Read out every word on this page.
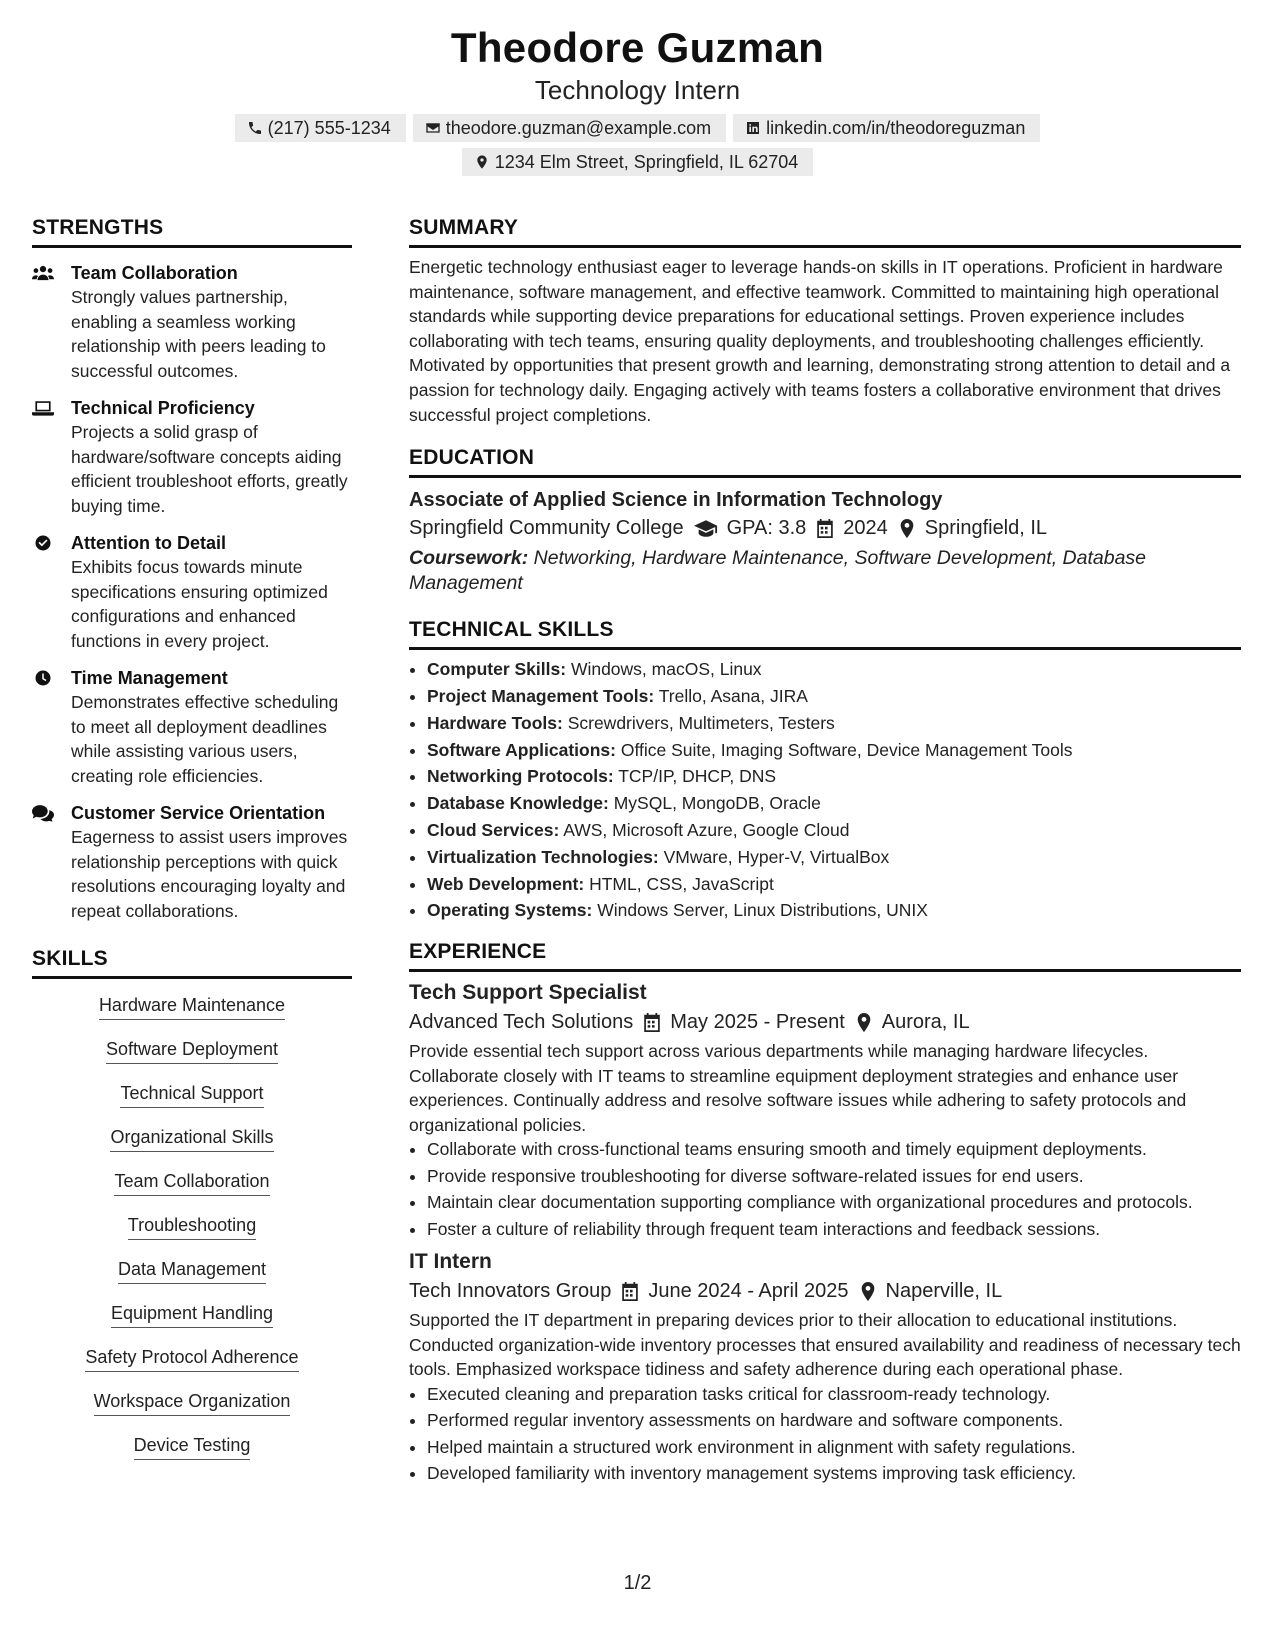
Theodore Guzman
Technology Intern
(217) 555-1234	theodore.guzman@example.com	linkedin.com/in/theodoreguzman
1234 Elm Street, Springfield, IL 62704
STRENGTHS
Team Collaboration
Strongly values partnership, enabling a seamless working relationship with peers leading to successful outcomes.
Technical Proficiency
Projects a solid grasp of hardware/software concepts aiding efficient troubleshoot efforts, greatly buying time.
Attention to Detail
Exhibits focus towards minute specifications ensuring optimized configurations and enhanced functions in every project.
Time Management
Demonstrates effective scheduling to meet all deployment deadlines while assisting various users, creating role efficiencies.
Customer Service Orientation
Eagerness to assist users improves relationship perceptions with quick resolutions encouraging loyalty and repeat collaborations.
SKILLS
Hardware Maintenance
Software Deployment
Technical Support
Organizational Skills
Team Collaboration
Troubleshooting
Data Management
Equipment Handling
Safety Protocol Adherence
Workspace Organization
Device Testing
SUMMARY
Energetic technology enthusiast eager to leverage hands-on skills in IT operations. Proficient in hardware maintenance, software management, and effective teamwork. Committed to maintaining high operational standards while supporting device preparations for educational settings. Proven experience includes collaborating with tech teams, ensuring quality deployments, and troubleshooting challenges efficiently. Motivated by opportunities that present growth and learning, demonstrating strong attention to detail and a passion for technology daily. Engaging actively with teams fosters a collaborative environment that drives successful project completions.
EDUCATION
Associate of Applied Science in Information Technology
Springfield Community College GPA: 3.8 2024 Springfield, IL
Coursework: Networking, Hardware Maintenance, Software Development, Database Management
TECHNICAL SKILLS
• Computer Skills: Windows, macOS, Linux
• Project Management Tools: Trello, Asana, JIRA
• Hardware Tools: Screwdrivers, Multimeters, Testers
• Software Applications: Office Suite, Imaging Software, Device Management Tools
• Networking Protocols: TCP/IP, DHCP, DNS
• Database Knowledge: MySQL, MongoDB, Oracle
• Cloud Services: AWS, Microsoft Azure, Google Cloud
• Virtualization Technologies: VMware, Hyper-V, VirtualBox
• Web Development: HTML, CSS, JavaScript
• Operating Systems: Windows Server, Linux Distributions, UNIX
EXPERIENCE
Tech Support Specialist
Advanced Tech Solutions May 2025 - Present Aurora, IL
Provide essential tech support across various departments while managing hardware lifecycles. Collaborate closely with IT teams to streamline equipment deployment strategies and enhance user experiences. Continually address and resolve software issues while adhering to safety protocols and organizational policies.
• Collaborate with cross-functional teams ensuring smooth and timely equipment deployments.
• Provide responsive troubleshooting for diverse software-related issues for end users.
• Maintain clear documentation supporting compliance with organizational procedures and protocols.
• Foster a culture of reliability through frequent team interactions and feedback sessions.
IT Intern
Tech Innovators Group June 2024 - April 2025 Naperville, IL
Supported the IT department in preparing devices prior to their allocation to educational institutions. Conducted organization-wide inventory processes that ensured availability and readiness of necessary tech tools. Emphasized workspace tidiness and safety adherence during each operational phase.
• Executed cleaning and preparation tasks critical for classroom-ready technology.
• Performed regular inventory assessments on hardware and software components.
• Helped maintain a structured work environment in alignment with safety regulations.
• Developed familiarity with inventory management systems improving task efficiency.
1/2
